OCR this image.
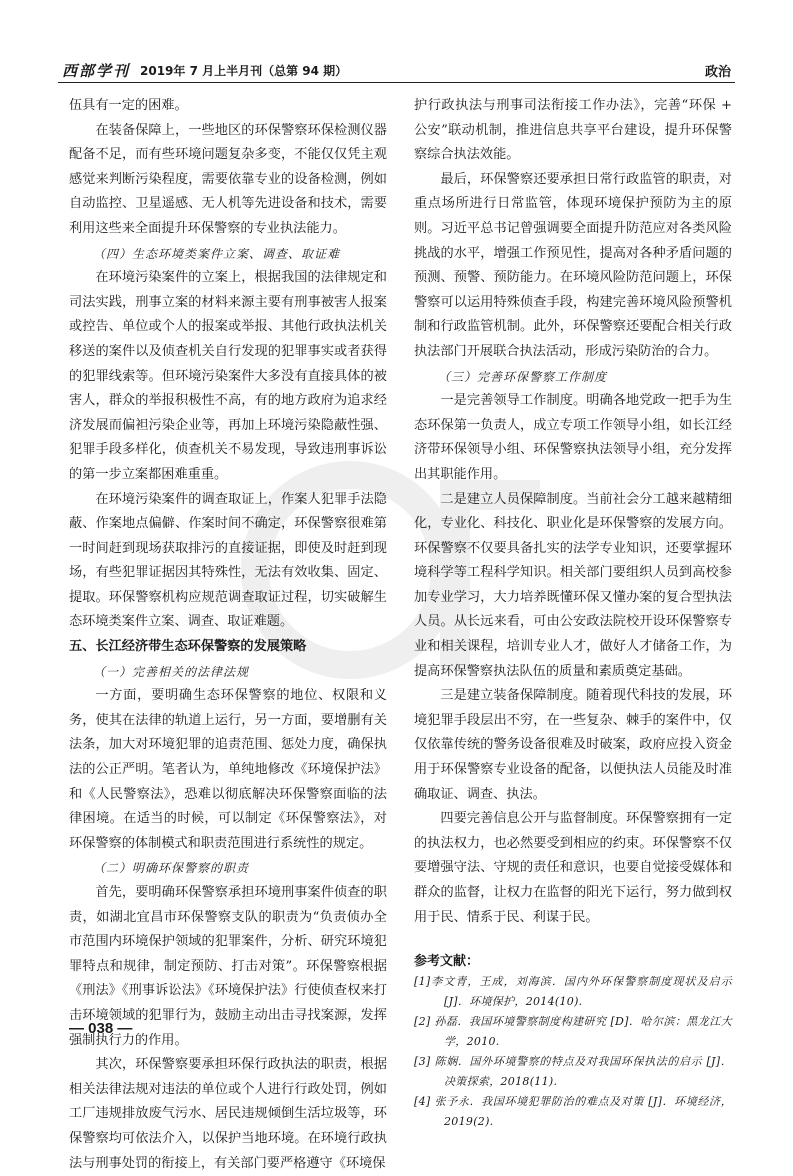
西部学刊 2019年 7 月上半月刊（总第 94 期）	政治

伍具有一定的困难。

在装备保障上，一些地区的环保警察环保检测仪器配备不足，而有些环境问题复杂多变，不能仅仅凭主观感觉来判断污染程度，需要依靠专业的设备检测，例如自动监控、卫星遥感、无人机等先进设备和技术，需要利用这些来全面提升环保警察的专业执法能力。

（四）生态环境类案件立案、调查、取证难

在环境污染案件的立案上，根据我国的法律规定和司法实践，刑事立案的材料来源主要有刑事被害人报案或控告、单位或个人的报案或举报、其他行政执法机关移送的案件以及侦查机关自行发现的犯罪事实或者获得的犯罪线索等。但环境污染案件大多没有直接具体的被害人，群众的举报积极性不高，有的地方政府为追求经济发展而偏袒污染企业等，再加上环境污染隐蔽性强、犯罪手段多样化，侦查机关不易发现，导致违刑事诉讼的第一步立案都困难重重。

在环境污染案件的调查取证上，作案人犯罪手法隐蔽、作案地点偏僻、作案时间不确定，环保警察很难第一时间赶到现场获取排污的直接证据，即使及时赶到现场，有些犯罪证据因其特殊性，无法有效收集、固定、提取。环保警察机构应规范调查取证过程，切实破解生态环境类案件立案、调查、取证难题。

五、长江经济带生态环保警察的发展策略
（一）完善相关的法律法规

一方面，要明确生态环保警察的地位、权限和义务，使其在法律的轨道上运行，另一方面，要增删有关法条，加大对环境犯罪的追责范围、惩处力度，确保执法的公正严明。笔者认为，单纯地修改《环境保护法》和《人民警察法》，恐难以彻底解决环保警察面临的法律困境。在适当的时候，可以制定《环保警察法》，对环保警察的体制模式和职责范围进行系统性的规定。

（二）明确环保警察的职责

首先，要明确环保警察承担环境刑事案件侦查的职责，如湖北宜昌市环保警察支队的职责为“负责侦办全市范围内环境保护领域的犯罪案件，分析、研究环境犯罪特点和规律，制定预防、打击对策”。环保警察根据《刑法》《刑事诉讼法》《环境保护法》行使侦查权来打击环境领域的犯罪行为，鼓励主动出击寻找案源，发挥强制执行力的作用。

其次，环保警察要承担环保行政执法的职责，根据相关法律法规对违法的单位或个人进行行政处罚，例如工厂违规排放废气污水、居民违规倾倒生活垃圾等，环保警察均可依法介入，以保护当地环境。在环境行政执法与刑事处罚的衔接上，有关部门要严格遵守《环境保

护行政执法与刑事司法衔接工作办法》，完善“环保 + 公安”联动机制，推进信息共享平台建设，提升环保警察综合执法效能。

最后，环保警察还要承担日常行政监管的职责，对重点场所进行日常监管，体现环境保护预防为主的原则。习近平总书记曾强调要全面提升防范应对各类风险挑战的水平，增强工作预见性，提高对各种矛盾问题的预测、预警、预防能力。在环境风险防范问题上，环保警察可以运用特殊侦查手段，构建完善环境风险预警机制和行政监管机制。此外，环保警察还要配合相关行政执法部门开展联合执法活动，形成污染防治的合力。

（三）完善环保警察工作制度

一是完善领导工作制度。明确各地党政一把手为生态环保第一负责人，成立专项工作领导小组，如长江经济带环保领导小组、环保警察执法领导小组，充分发挥出其职能作用。

二是建立人员保障制度。当前社会分工越来越精细化，专业化、科技化、职业化是环保警察的发展方向。环保警察不仅要具备扎实的法学专业知识，还要掌握环境科学等工程科学知识。相关部门要组织人员到高校参加专业学习，大力培养既懂环保又懂办案的复合型执法人员。从长远来看，可由公安政法院校开设环保警察专业和相关课程，培训专业人才，做好人才储备工作，为提高环保警察执法队伍的质量和素质奠定基础。

三是建立装备保障制度。随着现代科技的发展，环境犯罪手段层出不穷，在一些复杂、棘手的案件中，仅仅依靠传统的警务设备很难及时破案，政府应投入资金用于环保警察专业设备的配备，以便执法人员能及时准确取证、调查、执法。

四要完善信息公开与监督制度。环保警察拥有一定的执法权力，也必然要受到相应的约束。环保警察不仅要增强守法、守规的责任和意识，也要自觉接受媒体和群众的监督，让权力在监督的阳光下运行，努力做到权用于民、情系于民、利谋于民。

参考文献：
[1]李文青，王成，刘海滨．国内外环保警察制度现状及启示 [J]．环境保护，2014(10).
[2] 孙磊．我国环境警察制度构建研究 [D]．哈尔滨：黑龙江大学，2010.
[3] 陈娴．国外环境警察的特点及对我国环保执法的启示 [J]．决策探索，2018(11).
[4] 张予永．我国环境犯罪防治的难点及对策 [J]．环境经济，2019(2).
— 038 —
